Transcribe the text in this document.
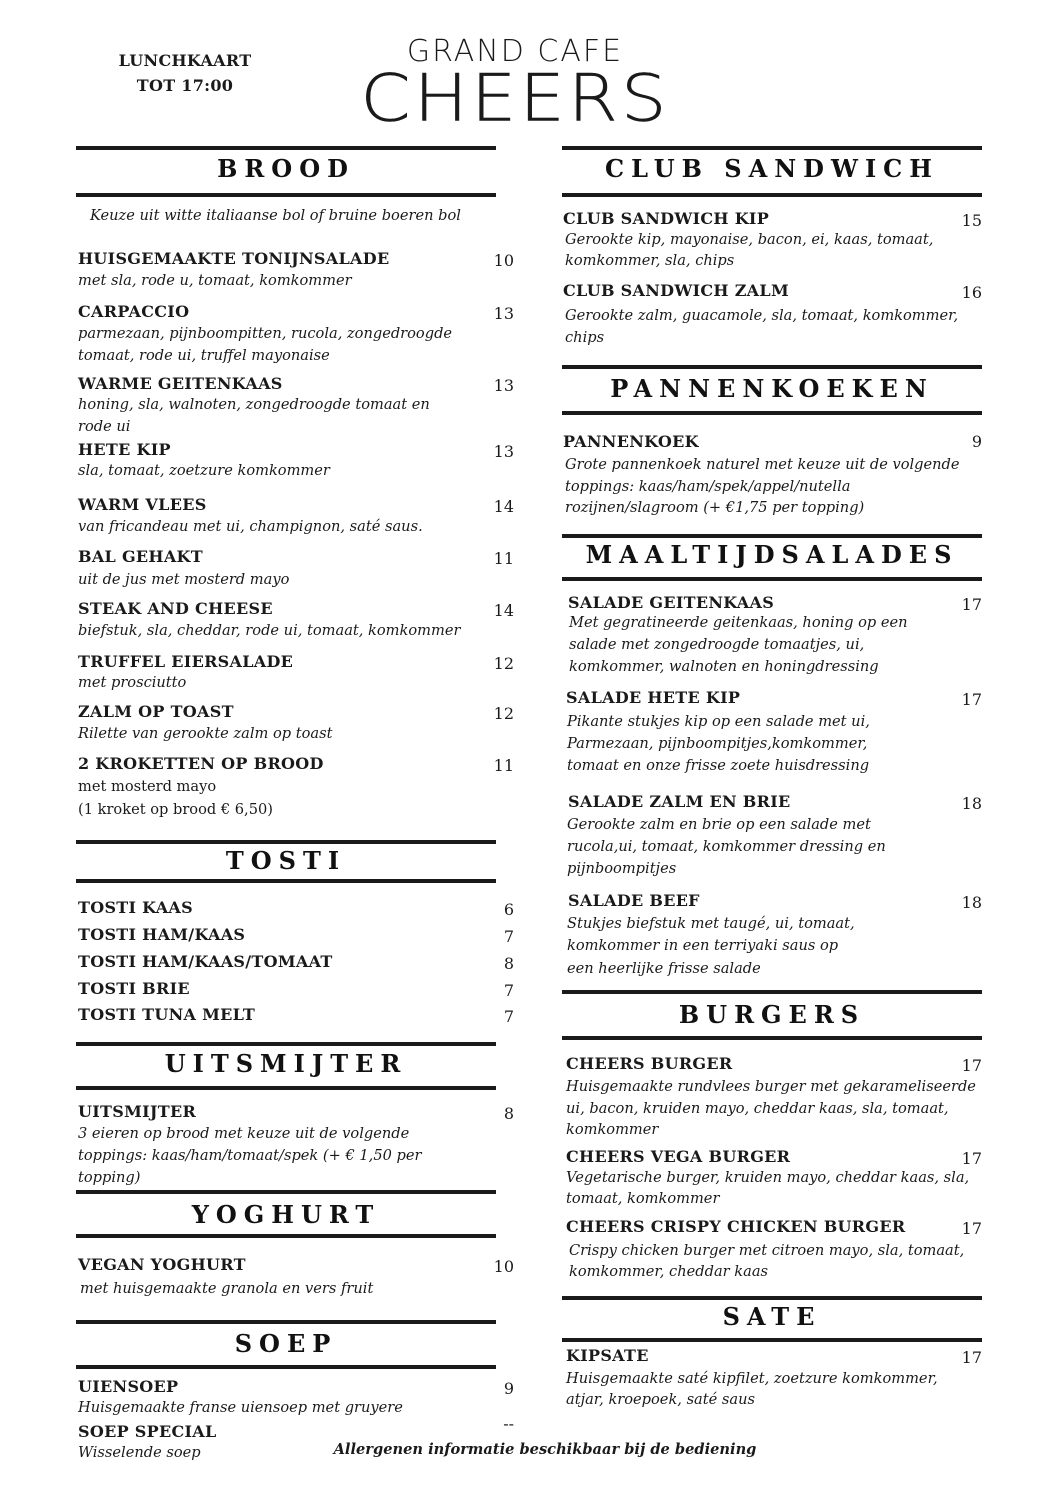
LUNCHKAART
TOT 17:00
GRAND CAFE
CHEERS
BROOD
Keuze uit witte italiaanse bol of bruine boeren bol
HUISGEMAAKTE TONIJNSALADE	10
met sla, rode u, tomaat, komkommer
CARPACCIO	13
parmezaan, pijnboompitten, rucola, zongedroogde
tomaat, rode ui, truffel mayonaise
WARME GEITENKAAS	13
honing, sla, walnoten, zongedroogde tomaat en
rode ui
HETE KIP	13
sla, tomaat, zoetzure komkommer
WARM VLEES	14
van fricandeau met ui, champignon, saté saus.
BAL GEHAKT	11
uit de jus met mosterd mayo
STEAK AND CHEESE	14
biefstuk, sla, cheddar, rode ui, tomaat, komkommer
TRUFFEL EIERSALADE	12
met prosciutto
ZALM OP TOAST	12
Rilette van gerookte zalm op toast
2 KROKETTEN OP BROOD	11
met mosterd mayo
(1 kroket op brood € 6,50)
TOSTI
TOSTI KAAS	6
TOSTI HAM/KAAS	7
TOSTI HAM/KAAS/TOMAAT	8
TOSTI BRIE	7
TOSTI TUNA MELT	7
UITSMIJTER
UITSMIJTER	8
3 eieren op brood met keuze uit de volgende
toppings: kaas/ham/tomaat/spek (+ € 1,50 per
topping)
YOGHURT
VEGAN YOGHURT	10
met huisgemaakte granola en vers fruit
SOEP
UIENSOEP	9
Huisgemaakte franse uiensoep met gruyere
SOEP SPECIAL	--
Wisselende soep
CLUB SANDWICH
CLUB SANDWICH KIP	15
Gerookte kip, mayonaise, bacon, ei, kaas, tomaat,
komkommer, sla, chips
CLUB SANDWICH ZALM	16
Gerookte zalm, guacamole, sla, tomaat, komkommer,
chips
PANNENKOEKEN
PANNENKOEK	9
Grote pannenkoek naturel met keuze uit de volgende
toppings: kaas/ham/spek/appel/nutella
rozijnen/slagroom (+ €1,75 per topping)
MAALTIJDSALADES
SALADE GEITENKAAS	17
Met gegratineerde geitenkaas, honing op een
salade met zongedroogde tomaatjes, ui,
komkommer, walnoten en honingdressing
SALADE HETE KIP	17
Pikante stukjes kip op een salade met ui,
Parmezaan, pijnboompitjes,komkommer,
tomaat en onze frisse zoete huisdressing
SALADE ZALM EN BRIE	18
Gerookte zalm en brie op een salade met
rucola,ui, tomaat, komkommer dressing en
pijnboompitjes
SALADE BEEF	18
Stukjes biefstuk met taugé, ui, tomaat,
komkommer in een terriyaki saus op
een heerlijke frisse salade
BURGERS
CHEERS BURGER	17
Huisgemaakte rundvlees burger met gekarameliseerde
ui, bacon, kruiden mayo, cheddar kaas, sla, tomaat,
komkommer
CHEERS VEGA BURGER	17
Vegetarische burger, kruiden mayo, cheddar kaas, sla,
tomaat, komkommer
CHEERS CRISPY CHICKEN BURGER	17
Crispy chicken burger met citroen mayo, sla, tomaat,
komkommer, cheddar kaas
SATE
KIPSATE	17
Huisgemaakte saté kipfilet, zoetzure komkommer,
atjar, kroepoek, saté saus
Allergenen informatie beschikbaar bij de bediening
